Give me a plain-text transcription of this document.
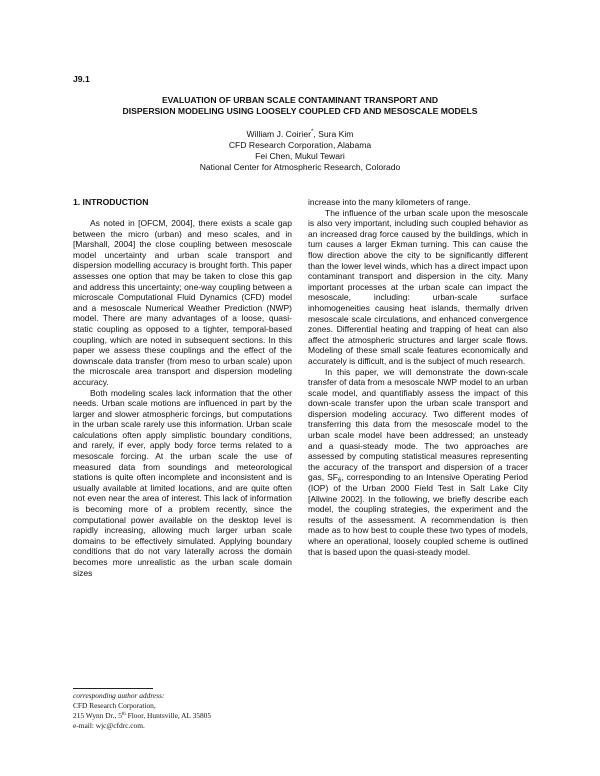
J9.1
EVALUATION OF URBAN SCALE CONTAMINANT TRANSPORT AND
DISPERSION MODELING USING LOOSELY COUPLED CFD AND MESOSCALE MODELS
William J. Coirier*, Sura Kim
CFD Research Corporation, Alabama
Fei Chen, Mukul Tewari
National Center for Atmospheric Research, Colorado
1. INTRODUCTION

As noted in [OFCM, 2004], there exists a scale gap between the micro (urban) and meso scales, and in [Marshall, 2004] the close coupling between mesoscale model uncertainty and urban scale transport and dispersion modelling accuracy is brought forth. This paper assesses one option that may be taken to close this gap and address this uncertainty; one-way coupling between a microscale Computational Fluid Dynamics (CFD) model and a mesoscale Numerical Weather Prediction (NWP) model. There are many advantages of a loose, quasi-static coupling as opposed to a tighter, temporal-based coupling, which are noted in subsequent sections. In this paper we assess these couplings and the effect of the downscale data transfer (from meso to urban scale) upon the microscale area transport and dispersion modeling accuracy.

Both modeling scales lack information that the other needs. Urban scale motions are influenced in part by the larger and slower atmospheric forcings, but computations in the urban scale rarely use this information. Urban scale calculations often apply simplistic boundary conditions, and rarely, if ever, apply body force terms related to a mesoscale forcing. At the urban scale the use of measured data from soundings and meteorological stations is quite often incomplete and inconsistent and is usually available at limited locations, and are quite often not even near the area of interest. This lack of information is becoming more of a problem recently, since the computational power available on the desktop level is rapidly increasing, allowing much larger urban scale domains to be effectively simulated. Applying boundary conditions that do not vary laterally across the domain becomes more unrealistic as the urban scale domain sizes

increase into the many kilometers of range.

The influence of the urban scale upon the mesoscale is also very important, including such coupled behavior as an increased drag force caused by the buildings, which in turn causes a larger Ekman turning. This can cause the flow direction above the city to be significantly different than the lower level winds, which has a direct impact upon contaminant transport and dispersion in the city. Many important processes at the urban scale can impact the mesoscale, including: urban-scale surface inhomogeneities causing heat islands, thermally driven mesoscale scale circulations, and enhanced convergence zones. Differential heating and trapping of heat can also affect the atmospheric structures and larger scale flows. Modeling of these small scale features economically and accurately is difficult, and is the subject of much research.

In this paper, we will demonstrate the down-scale transfer of data from a mesoscale NWP model to an urban scale model, and quantifiably assess the impact of this down-scale transfer upon the urban scale transport and dispersion modeling accuracy. Two different modes of transferring this data from the mesoscale model to the urban scale model have been addressed; an unsteady and a quasi-steady mode. The two approaches are assessed by computing statistical measures representing the accuracy of the transport and dispersion of a tracer gas, $SF_6$, corresponding to an Intensive Operating Period (IOP) of the Urban 2000 Field Test in Salt Lake City [Allwine 2002]. In the following, we briefly describe each model, the coupling strategies, the experiment and the results of the assessment. A recommendation is then made as to how best to couple these two types of models, where an operational, loosely coupled scheme is outlined that is based upon the quasi-steady model.

corresponding author address:
CFD Research Corporation,
215 Wynn Dr., 5th Floor, Huntsville, AL 35805
e-mail: wjc@cfdrc.com.
